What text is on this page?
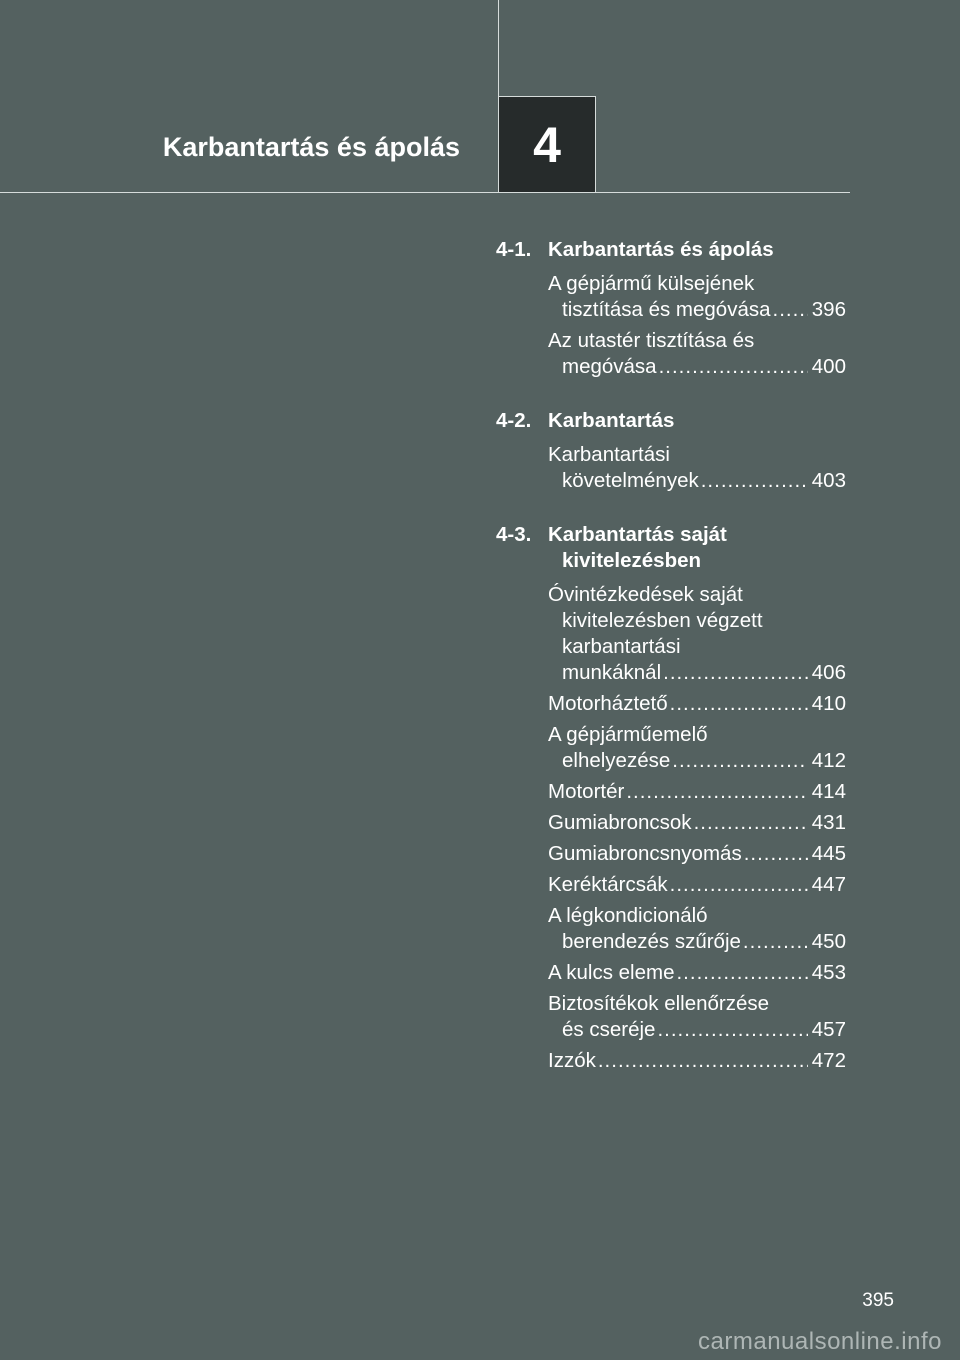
Karbantartás és ápolás 4
4-1. Karbantartás és ápolás
A gépjármű külsejének
tisztítása és megóvása ..... 396
Az utastér tisztítása és
megóvása .....	400
4-2. Karbantartás
Karbantartási
követelmények .....	403
4-3. Karbantartás saját
kivitelezésben
Óvintézkedések saját
kivitelezésben végzett
karbantartási
munkáknál .....	406
Motorháztető .....	410
A gépjárműemelő
elhelyezése .....	412
Motortér .....	414
Gumiabroncsok .....	431
Gumiabroncsnyomás .....	445
Keréktárcsák .....	447
A légkondicionáló
berendezés szűrője .....	450
A kulcs eleme .....	453
Biztosítékok ellenőrzése
és cseréje .....	457
Izzók .....	472
395
carmanualsonline.info
